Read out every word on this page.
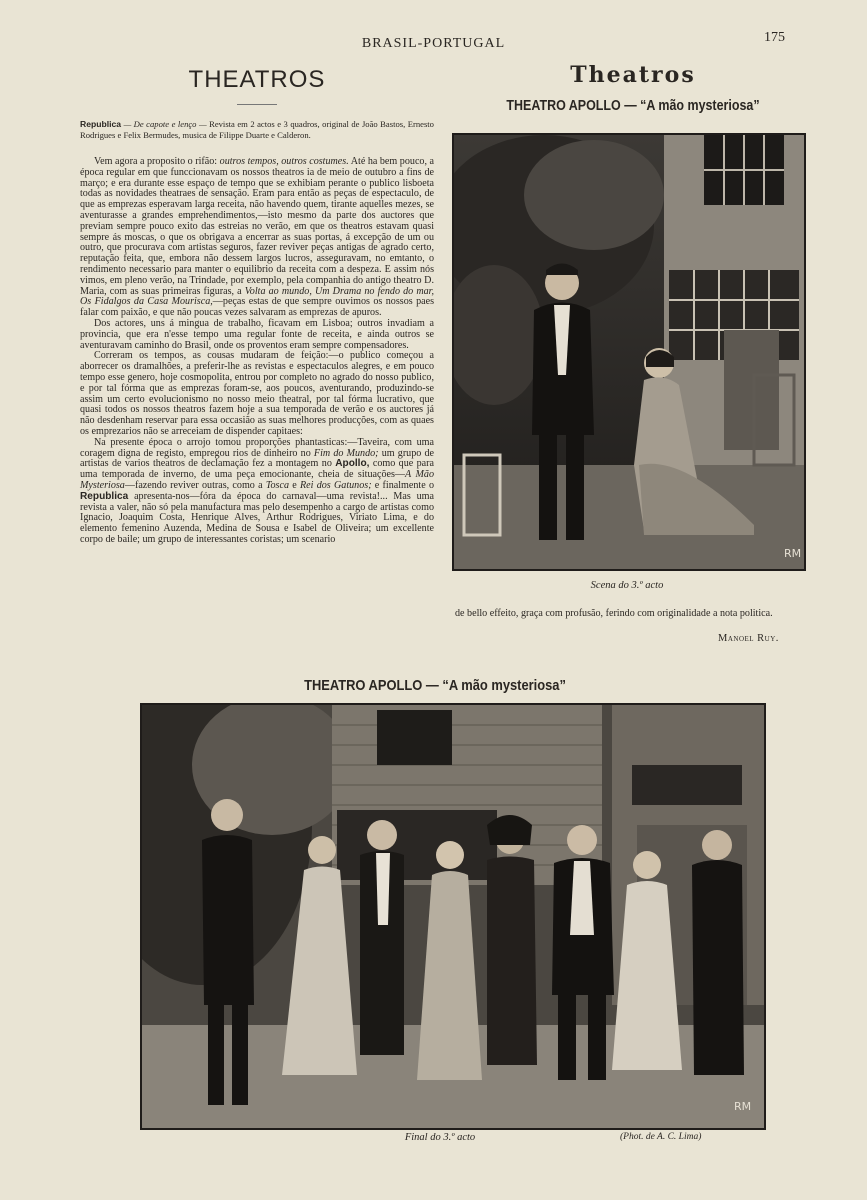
BRASIL-PORTUGAL	175
THEATROS

Republica — De capote e lenço — Revista em 2 actos e 3 quadros, original de João Bastos, Ernesto Rodrigues e Felix Bermudes, musica de Filippe Duarte e Calderon.

Vem agora a proposito o rifão: outros tempos, outros costumes. Até ha bem pouco, a época regular em que funccionavam os nossos theatros ia de meio de outubro a fins de março; e era durante esse espaço de tempo que se exhibiam perante o publico lisboeta todas as novidades theatraes de sensação. Eram para então as peças de espectaculo, de que as emprezas esperavam larga receita, não havendo quem, tirante aquelles mezes, se aventurasse a grandes emprehendimentos,—isto mesmo da parte dos auctores que previam sempre pouco exito das estreias no verão, em que os theatros estavam quasi sempre ás moscas, o que os obrigava a encerrar as suas portas, á excepção de um ou outro, que procurava com artistas seguros, fazer reviver peças antigas de agrado certo, reputação feita, que, embora não dessem largos lucros, asseguravam, no emtanto, o rendimento necessario para manter o equilibrio da receita com a despeza. E assim nós vimos, em pleno verão, na Trindade, por exemplo, pela companhia do antigo theatro D. Maria, com as suas primeiras figuras, a Volta ao mundo, Um Drama no fendo do mar, Os Fidalgos da Casa Mourisca,—peças estas de que sempre ouvimos os nossos paes falar com paixão, e que não poucas vezes salvaram as emprezas de apuros.

Dos actores, uns á mingua de trabalho, ficavam em Lisboa; outros invadiam a provincia, que era n'esse tempo uma regular fonte de receita, e ainda outros se aventuravam caminho do Brasil, onde os proventos eram sempre compensadores.

Correram os tempos, as cousas mudaram de feição:—o publico começou a aborrecer os dramalhões, a preferir-lhe as revistas e espectaculos alegres, e em pouco tempo esse genero, hoje cosmopolita, entrou por completo no agrado do nosso publico, e por tal fórma que as emprezas foram-se, aos poucos, aventurando, produzindo-se assim um certo evolucionismo no nosso meio theatral, por tal fórma lucrativo, que quasi todos os nossos theatros fazem hoje a sua temporada de verão e os auctores já não desdenham reservar para essa occasião as suas melhores producções, com as quaes os emprezarios não se arreceiam de dispender capitaes:

Na presente época o arrojo tomou proporções phantasticas:—Taveira, com uma coragem digna de registo, empregou rios de dinheiro no Fim do Mundo; um grupo de artistas de varios theatros de declamação fez a montagem no Apollo, como que para uma temporada de inverno, de uma peça emocionante, cheia de situações—A Mão Mysteriosa—fazendo reviver outras, como a Tosca e Rei dos Gatunos; e finalmente o Republica apresenta-nos—fóra da época do carnaval—uma revista!... Mas uma revista a valer, não só pela manufactura mas pelo desempenho a cargo de artistas como Ignacio, Joaquim Costa, Henrique Alves, Arthur Rodrigues, Viriato Lima, e do elemento femenino Auzenda, Medina de Sousa e Isabel de Oliveira; um excellente corpo de baile; um grupo de interessantes coristas; um scenario

Theatros
THEATRO APOLLO — “A mão mysteriosa”
RM
Scena do 3.º acto
de bello effeito, graça com profusão, ferindo com originalidade a nota politica.
Manoel Ruy.
THEATRO APOLLO — “A mão mysteriosa”
RM
Final do 3.º acto	(Phot. de A. C. Lima)
